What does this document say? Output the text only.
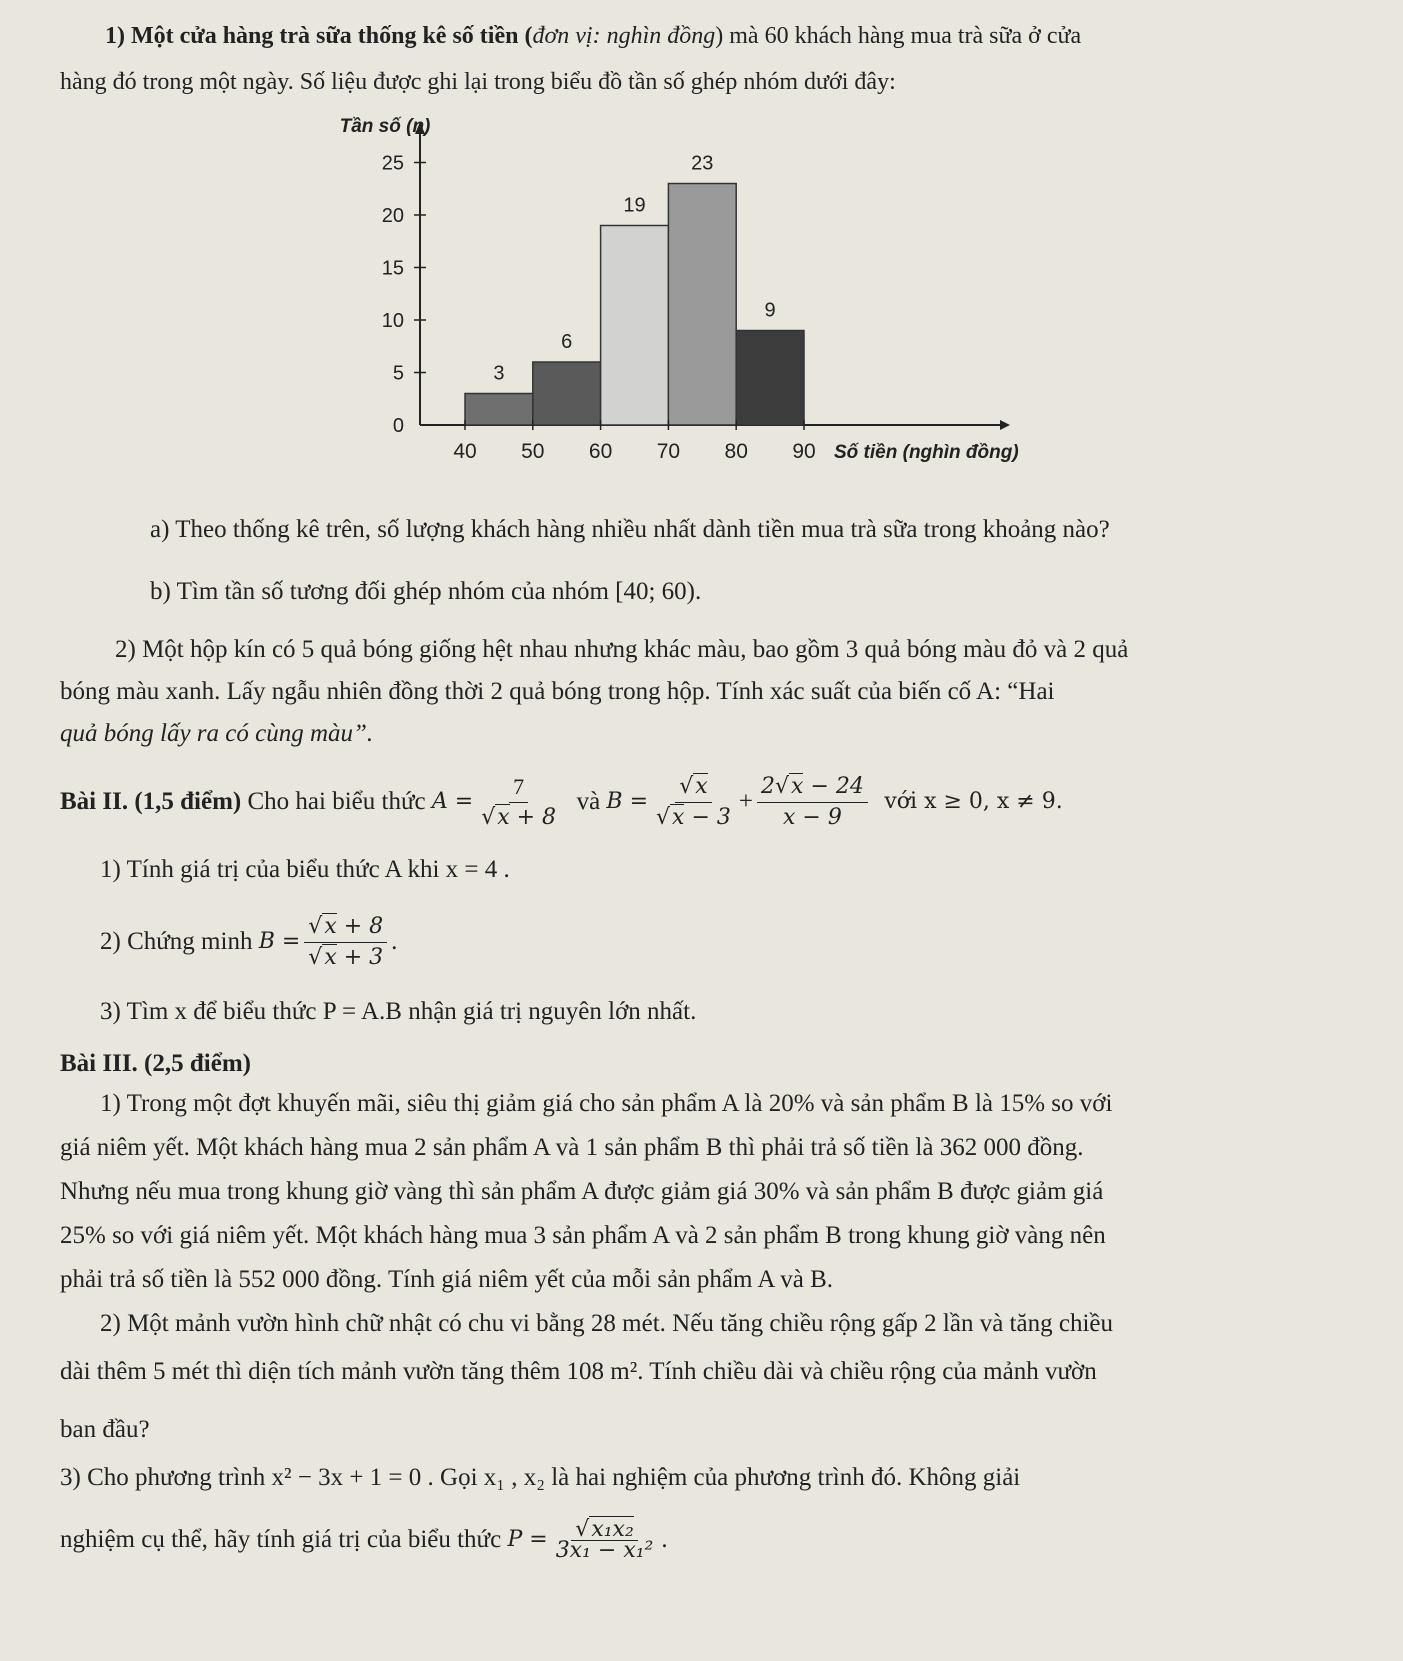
1) Một cửa hàng trà sữa thống kê số tiền (đơn vị: nghìn đồng) mà 60 khách hàng mua trà sữa ở cửa
hàng đó trong một ngày. Số liệu được ghi lại trong biểu đồ tần số ghép nhóm dưới đây:
0
5
10
15
20
25
Tần số (n)
3
6
19
23
9
40 50 60 70 80 90 Số tiền (nghìn đồng)
a) Theo thống kê trên, số lượng khách hàng nhiều nhất dành tiền mua trà sữa trong khoảng nào?
b) Tìm tần số tương đối ghép nhóm của nhóm [40; 60).
2) Một hộp kín có 5 quả bóng giống hệt nhau nhưng khác màu, bao gồm 3 quả bóng màu đỏ và 2 quả
bóng màu xanh. Lấy ngẫu nhiên đồng thời 2 quả bóng trong hộp. Tính xác suất của biến cố A: “Hai
quả bóng lấy ra có cùng màu”.
Bài II. (1,5 điểm)
Cho hai biểu thức
$A = \frac{7}{√x + 8}$
và
$B = \frac{√x}{√x - 3} + \frac{2√x - 24}{x - 9}$
với x ≥ 0, x ≠ 9.
1) Tính giá trị của biểu thức A khi x = 4 .
2) Chứng minh
$B = \frac{√x + 8}{√x + 3}$ .
3) Tìm x để biểu thức P = A.B nhận giá trị nguyên lớn nhất.
Bài III. (2,5 điểm)
1) Trong một đợt khuyến mãi, siêu thị giảm giá cho sản phẩm A là 20% và sản phẩm B là 15% so với
giá niêm yết. Một khách hàng mua 2 sản phẩm A và 1 sản phẩm B thì phải trả số tiền là 362 000 đồng.
Nhưng nếu mua trong khung giờ vàng thì sản phẩm A được giảm giá 30% và sản phẩm B được giảm giá
25% so với giá niêm yết. Một khách hàng mua 3 sản phẩm A và 2 sản phẩm B trong khung giờ vàng nên
phải trả số tiền là 552 000 đồng. Tính giá niêm yết của mỗi sản phẩm A và B.
2) Một mảnh vườn hình chữ nhật có chu vi bằng 28 mét. Nếu tăng chiều rộng gấp 2 lần và tăng chiều
dài thêm 5 mét thì diện tích mảnh vườn tăng thêm 108 m². Tính chiều dài và chiều rộng của mảnh vườn
ban đầu?
3) Cho phương trình x² − 3x + 1 = 0 . Gọi x₁ , x₂ là hai nghiệm của phương trình đó. Không giải
nghiệm cụ thể, hãy tính giá trị của biểu thức
$P = \frac{\text{√x₁x₂}}{\text{3x₁ − x₁²}}$ .
